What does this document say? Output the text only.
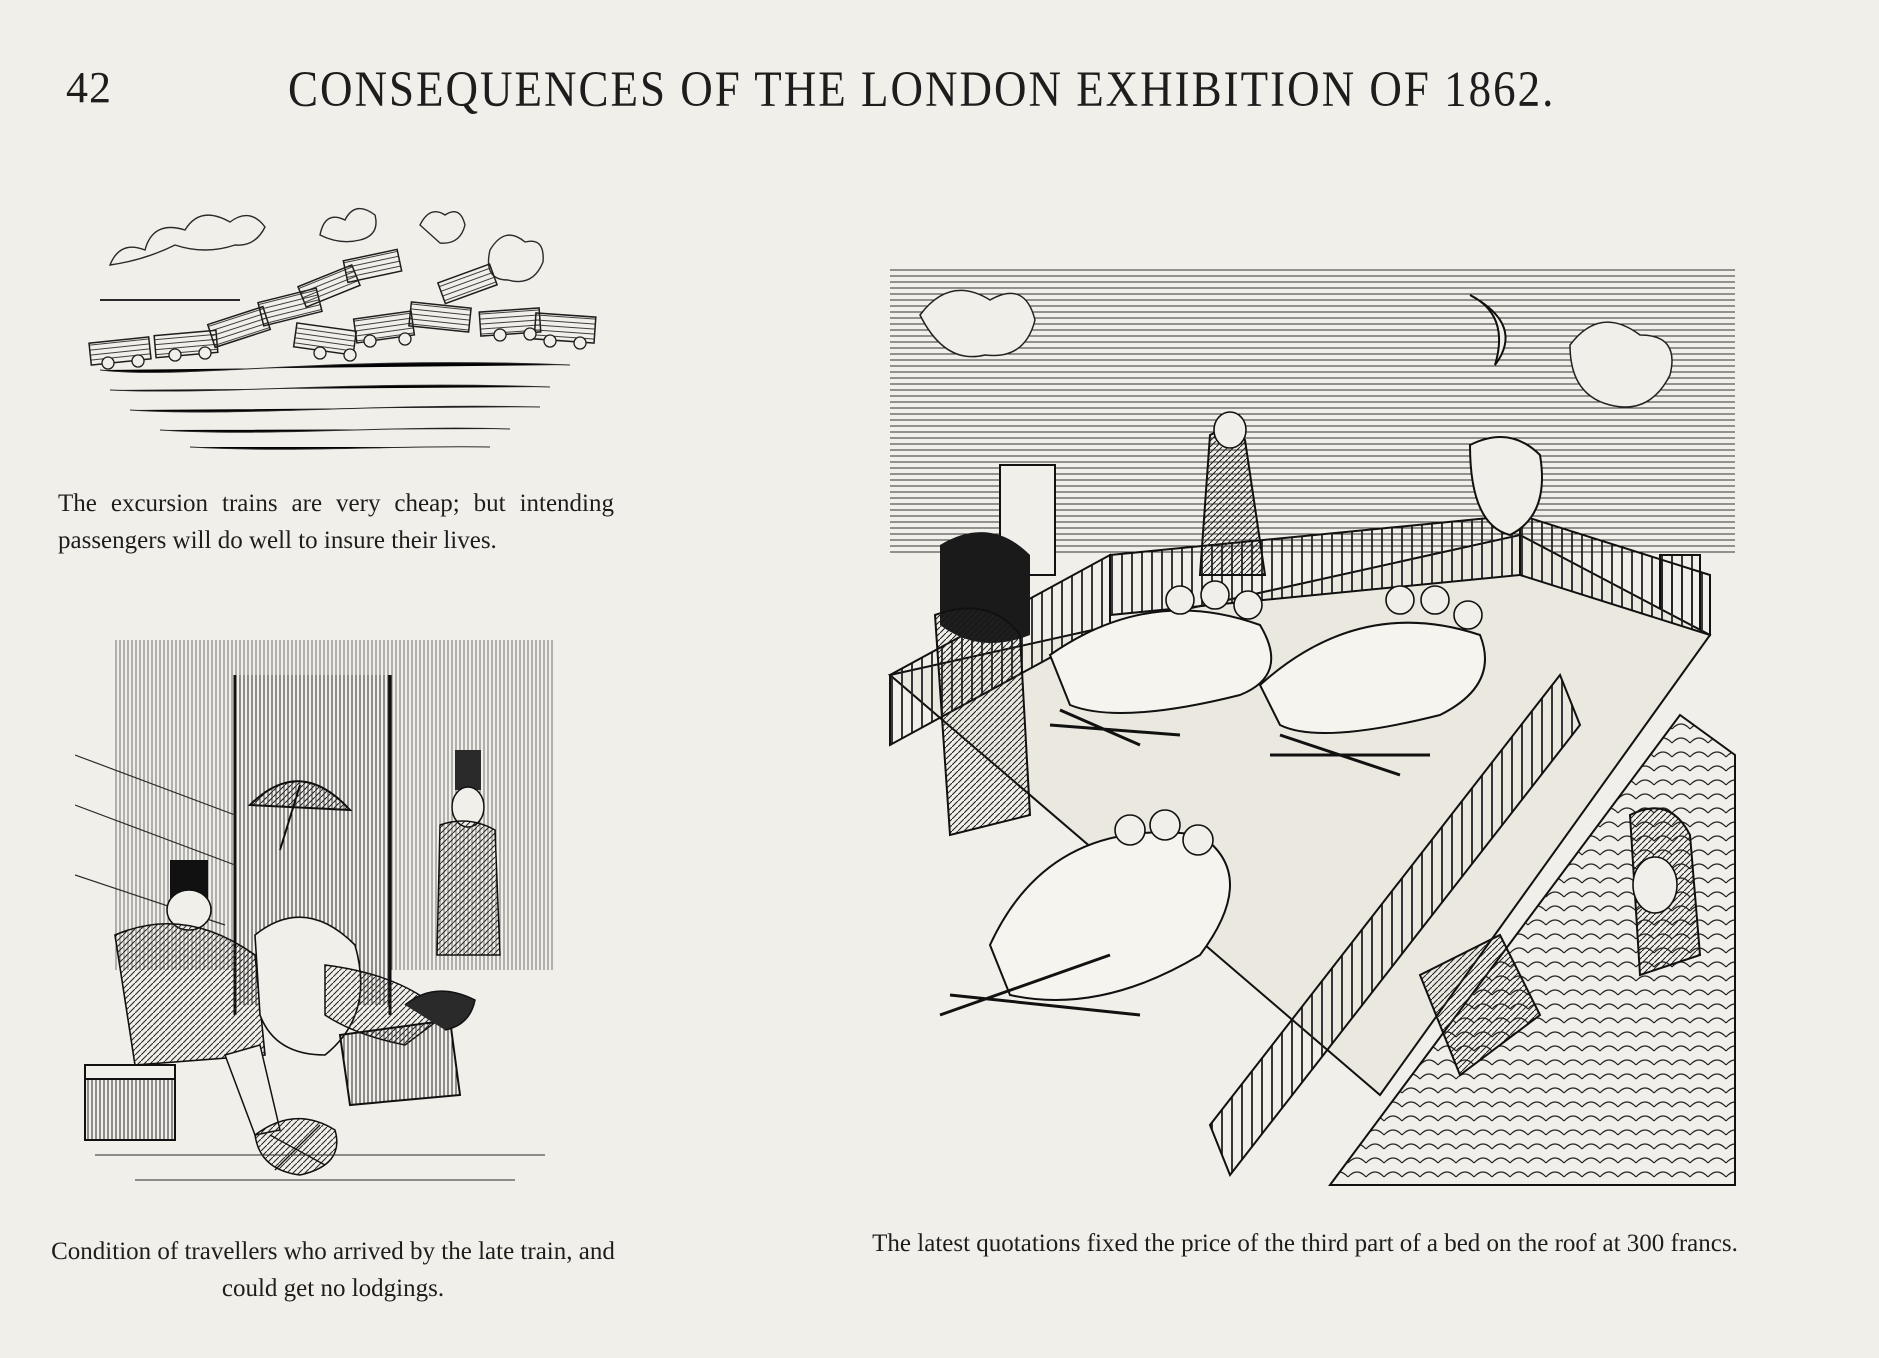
42	CONSEQUENCES OF THE LONDON EXHIBITION OF 1862.
The excursion trains are very cheap; but intending passengers will do well to insure their lives.
Condition of travellers who arrived by the late train, and could get no lodgings.
The latest quotations fixed the price of the third part of a bed on the roof at 300 francs.
